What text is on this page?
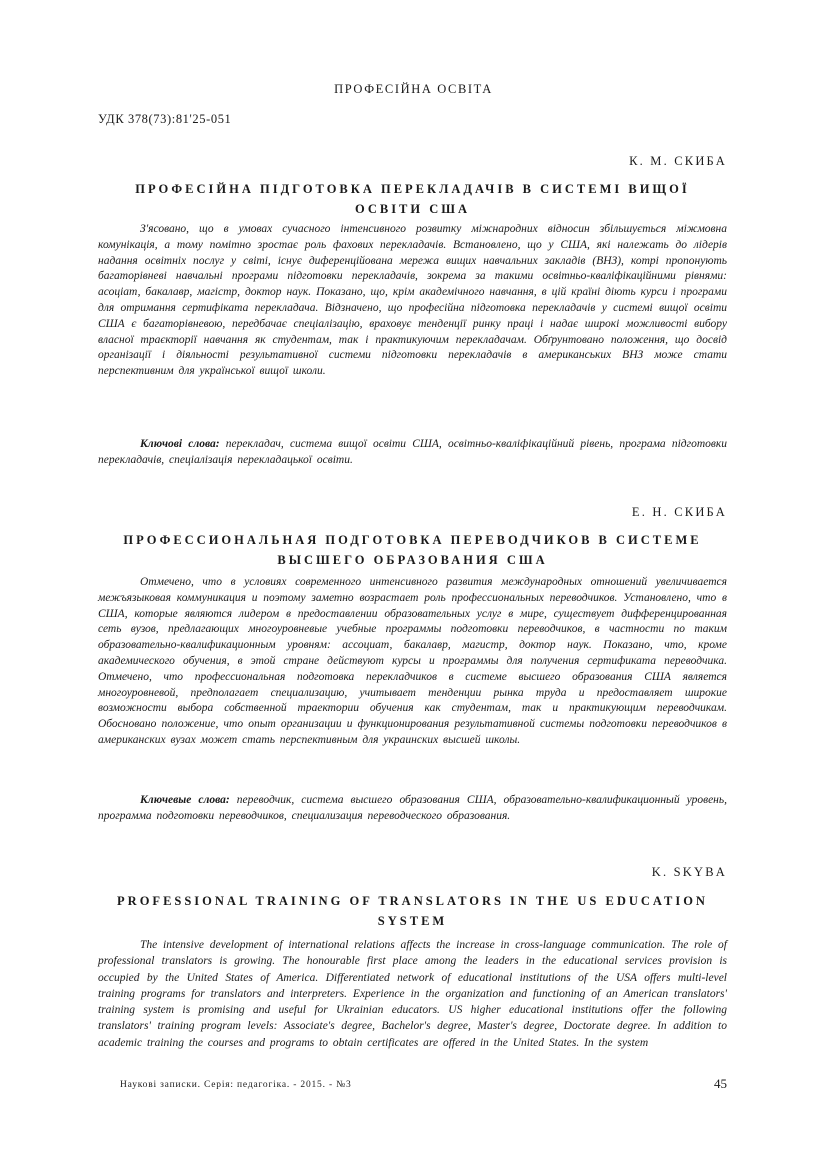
ПРОФЕСІЙНА ОСВІТА
УДК 378(73):81'25-051
К. М. СКИБА
ПРОФЕСІЙНА ПІДГОТОВКА ПЕРЕКЛАДАЧІВ В СИСТЕМІ ВИЩОЇ
ОСВІТИ США

З'ясовано, що в умовах сучасного інтенсивного розвитку міжнародних відносин збільшується міжмовна комунікація, а тому помітно зростає роль фахових перекладачів. Встановлено, що у США, які належать до лідерів надання освітніх послуг у світі, існує диференційована мережа вищих навчальних закладів (ВНЗ), котрі пропонують багаторівневі навчальні програми підготовки перекладачів, зокрема за такими освітньо-кваліфікаційними рівнями: асоціат, бакалавр, магістр, доктор наук. Показано, що, крім академічного навчання, в цій країні діють курси і програми для отримання сертифіката перекладача. Відзначено, що професійна підготовка перекладачів у системі вищої освіти США є багаторівневою, передбачає спеціалізацію, враховує тенденції ринку праці і надає широкі можливості вибору власної траєкторії навчання як студентам, так і практикуючим перекладачам. Обґрунтовано положення, що досвід організації і діяльності результативної системи підготовки перекладачів в американських ВНЗ може стати перспективним для української вищої школи.

Ключові слова: перекладач, система вищої освіти США, освітньо-кваліфікаційний рівень, програма підготовки перекладачів, спеціалізація перекладацької освіти.
Е. Н. СКИБА
ПРОФЕССИОНАЛЬНАЯ ПОДГОТОВКА ПЕРЕВОДЧИКОВ В СИСТЕМЕ
ВЫСШЕГО ОБРАЗОВАНИЯ США

Отмечено, что в условиях современного интенсивного развития международных отношений увеличивается межъязыковая коммуникация и поэтому заметно возрастает роль профессиональных переводчиков. Установлено, что в США, которые являются лидером в предоставлении образовательных услуг в мире, существует дифференцированная сеть вузов, предлагающих многоуровневые учебные программы подготовки переводчиков, в частности по таким образовательно-квалификационным уровням: ассоциат, бакалавр, магистр, доктор наук. Показано, что, кроме академического обучения, в этой стране действуют курсы и программы для получения сертификата переводчика. Отмечено, что профессиональная подготовка перекладчиков в системе высшего образования США является многоуровневой, предполагает специализацию, учитывает тенденции рынка труда и предоставляет широкие возможности выбора собственной траектории обучения как студентам, так и практикующим переводчикам. Обосновано положение, что опыт организации и функционирования результативной системы подготовки переводчиков в американских вузах может стать перспективным для украинских высшей школы.

Ключевые слова: переводчик, система высшего образования США, образовательно-квалификационный уровень, программа подготовки переводчиков, специализация переводческого образования.
K. SKYBA
PROFESSIONAL TRAINING OF TRANSLATORS IN THE US EDUCATION
SYSTEM

The intensive development of international relations affects the increase in cross-language communication. The role of professional translators is growing. The honourable first place among the leaders in the educational services provision is occupied by the United States of America. Differentiated network of educational institutions of the USA offers multi-level training programs for translators and interpreters. Experience in the organization and functioning of an American translators' training system is promising and useful for Ukrainian educators. US higher educational institutions offer the following translators' training program levels: Associate's degree, Bachelor's degree, Master's degree, Doctorate degree. In addition to academic training the courses and programs to obtain certificates are offered in the United States. In the system

Наукові записки. Серія: педагогіка. - 2015. - №3	45
